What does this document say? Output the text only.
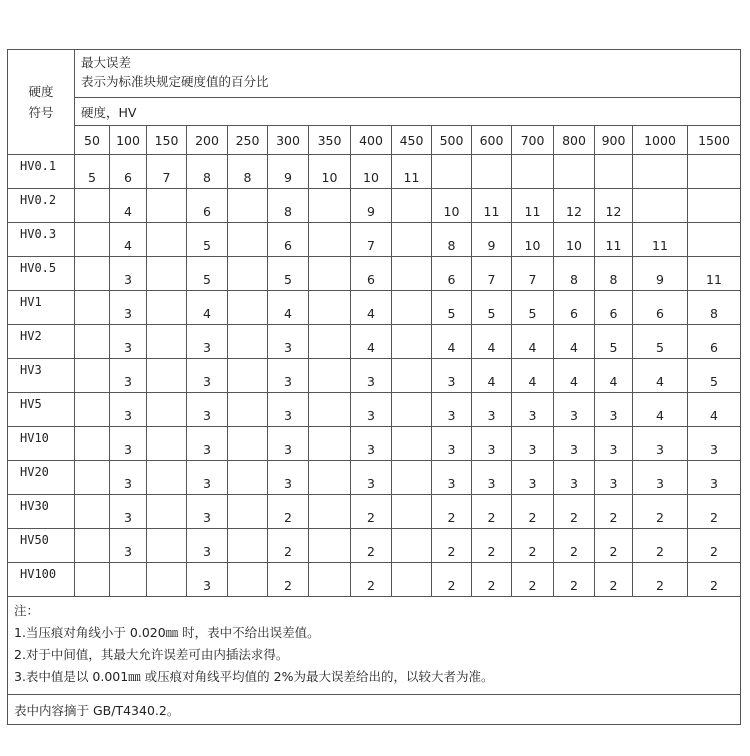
硬度
符号	最大误差
表示为标准块规定硬度值的百分比															

	硬度，HV															
	50	100	150	200	250	300	350	400	450	500	600	700	800	900	1000	1500
HV0.1	5	6	7	8	8	9	10	10	11							
HV0.2		4		6		8		9		10	11	11	12	12		
HV0.3		4		5		6		7		8	9	10	10	11	11	
HV0.5		3		5		5		6		6	7	7	8	8	9	11
HV1		3		4		4		4		5	5	5	6	6	6	8
HV2		3		3		3		4		4	4	4	4	5	5	6
HV3		3		3		3		3		3	4	4	4	4	4	5
HV5		3		3		3		3		3	3	3	3	3	4	4
HV10		3		3		3		3		3	3	3	3	3	3	3
HV20		3		3		3		3		3	3	3	3	3	3	3
HV30		3		3		2		2		2	2	2	2	2	2	2
HV50		3		3		2		2		2	2	2	2	2	2	2
HV100				3		2		2		2	2	2	2	2	2	2

注：
1.当压痕对角线小于 0.020㎜ 时，表中不给出误差值。
2.对于中间值，其最大允许误差可由内插法求得。
3.表中值是以 0.001㎜ 或压痕对角线平均值的 2%为最大误差给出的，以较大者为准。																

表中内容摘于 GB/T4340.2。																
